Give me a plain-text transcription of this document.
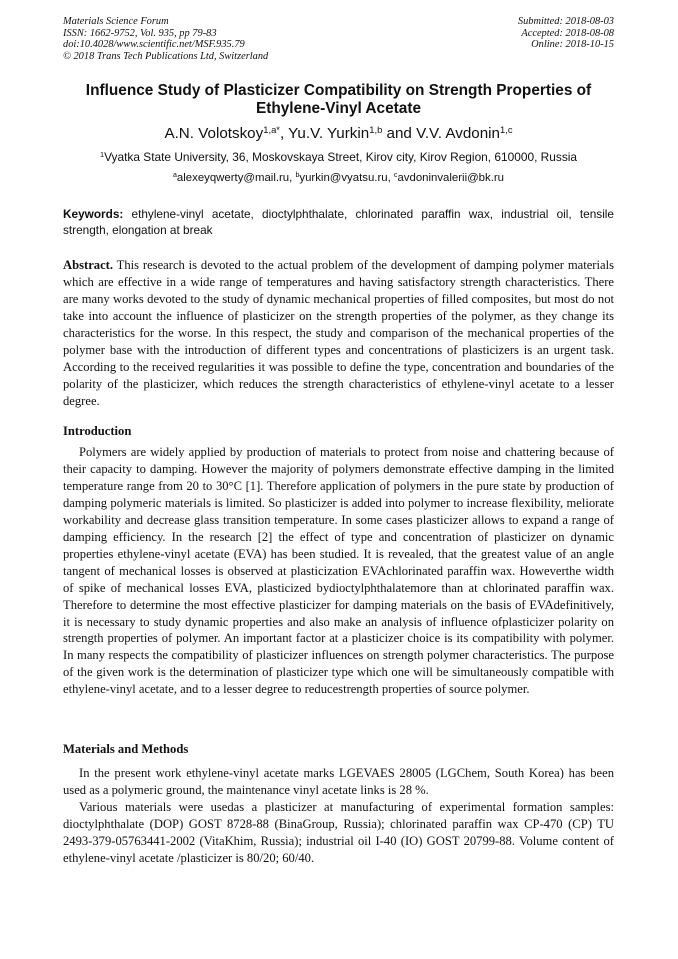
Materials Science Forum
ISSN: 1662-9752, Vol. 935, pp 79-83
doi:10.4028/www.scientific.net/MSF.935.79
© 2018 Trans Tech Publications Ltd, Switzerland
Submitted: 2018-08-03
Accepted: 2018-08-08
Online: 2018-10-15
Influence Study of Plasticizer Compatibility on Strength Properties of Ethylene-Vinyl Acetate
A.N. Volotskoy$^{1,a*}$, Yu.V. Yurkin$^{1,b}$ and V.V. Avdonin$^{1,c}$
$^1$Vyatka State University, 36, Moskovskaya Street, Kirov city, Kirov Region, 610000, Russia
$^a$alexeyqwerty@mail.ru, $^b$yurkin@vyatsu.ru, $^c$avdoninvalerii@bk.ru
Keywords: ethylene-vinyl acetate, dioctylphthalate, chlorinated paraffin wax, industrial oil, tensile strength, elongation at break
Abstract. This research is devoted to the actual problem of the development of damping polymer materials which are effective in a wide range of temperatures and having satisfactory strength characteristics. There are many works devoted to the study of dynamic mechanical properties of filled composites, but most do not take into account the influence of plasticizer on the strength properties of the polymer, as they change its characteristics for the worse. In this respect, the study and comparison of the mechanical properties of the polymer base with the introduction of different types and concentrations of plasticizers is an urgent task. According to the received regularities it was possible to define the type, concentration and boundaries of the polarity of the plasticizer, which reduces the strength characteristics of ethylene-vinyl acetate to a lesser degree.
Introduction

Polymers are widely applied by production of materials to protect from noise and chattering because of their capacity to damping. However the majority of polymers demonstrate effective damping in the limited temperature range from 20 to 30°C [1]. Therefore application of polymers in the pure state by production of damping polymeric materials is limited. So plasticizer is added into polymer to increase flexibility, meliorate workability and decrease glass transition temperature. In some cases plasticizer allows to expand a range of damping efficiency. In the research [2] the effect of type and concentration of plasticizer on dynamic properties ethylene-vinyl acetate (EVA) has been studied. It is revealed, that the greatest value of an angle tangent of mechanical losses is observed at plasticization EVAchlorinated paraffin wax. Howeverthe width of spike of mechanical losses EVA, plasticized bydioctylphthalatemore than at chlorinated paraffin wax. Therefore to determine the most effective plasticizer for damping materials on the basis of EVAdefinitively, it is necessary to study dynamic properties and also make an analysis of influence ofplasticizer polarity on strength properties of polymer. An important factor at a plasticizer choice is its compatibility with polymer. In many respects the compatibility of plasticizer influences on strength polymer characteristics. The purpose of the given work is the determination of plasticizer type which one will be simultaneously compatible with ethylene-vinyl acetate, and to a lesser degree to reducestrength properties of source polymer.

Materials and Methods

In the present work ethylene-vinyl acetate marks LGEVAES 28005 (LGChem, South Korea) has been used as a polymeric ground, the maintenance vinyl acetate links is 28 %.

Various materials were usedas a plasticizer at manufacturing of experimental formation samples: dioctylphthalate (DOP) GOST 8728-88 (BinaGroup, Russia); chlorinated paraffin wax CP-470 (CP) TU 2493-379-05763441-2002 (VitaKhim, Russia); industrial oil I-40 (IO) GOST 20799-88. Volume content of ethylene-vinyl acetate /plasticizer is 80/20; 60/40.
